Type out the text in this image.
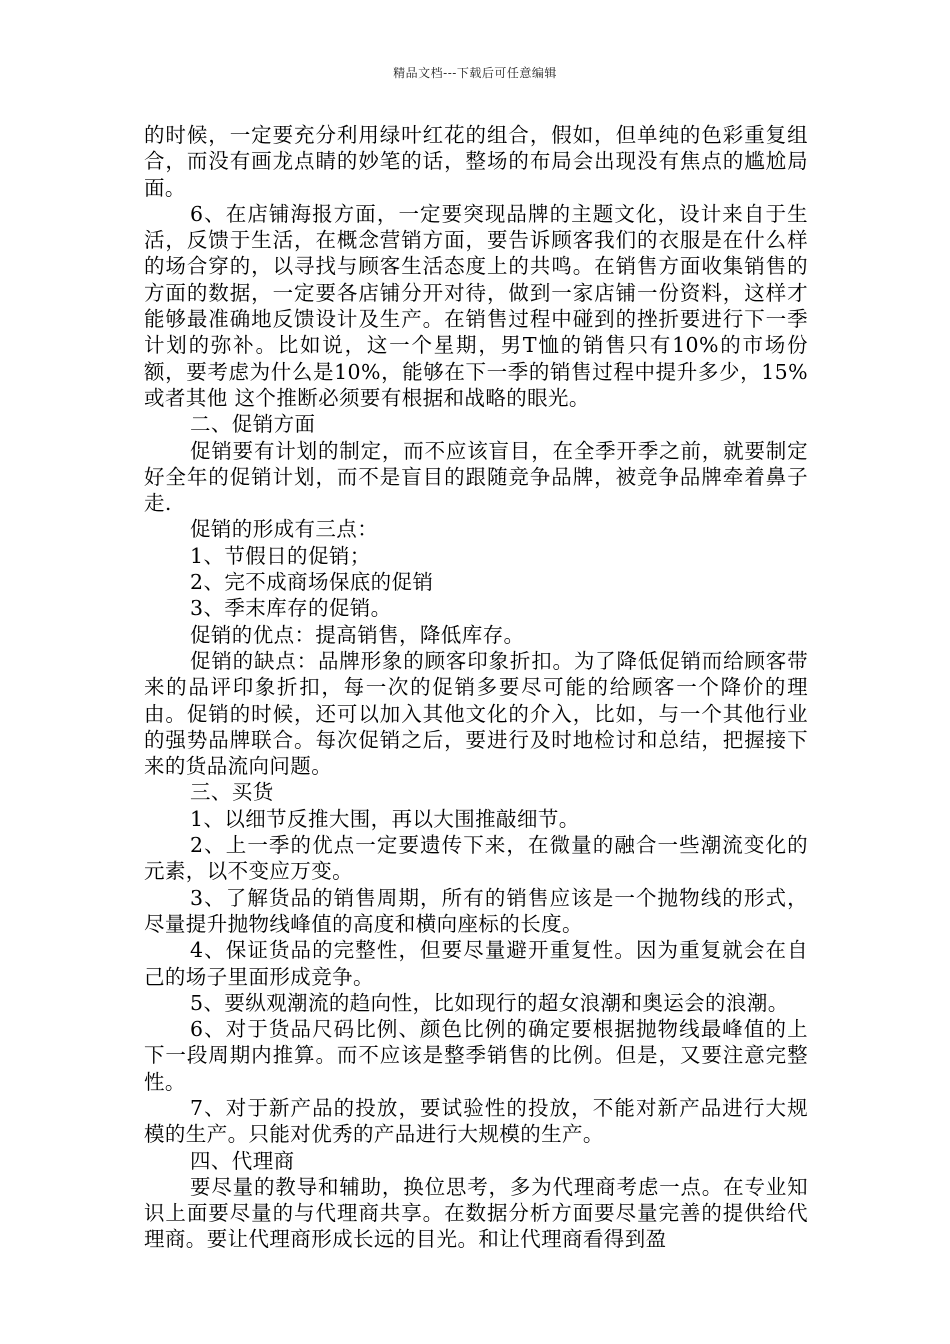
精品文档---下载后可任意编辑

的时候，一定要充分利用绿叶红花的组合，假如，但单纯的色彩重复组合，而没有画龙点睛的妙笔的话，整场的布局会出现没有焦点的尴尬局面。

6、在店铺海报方面，一定要突现品牌的主题文化，设计来自于生活，反馈于生活，在概念营销方面，要告诉顾客我们的衣服是在什么样的场合穿的，以寻找与顾客生活态度上的共鸣。在销售方面收集销售的方面的数据，一定要各店铺分开对待，做到一家店铺一份资料，这样才能够最准确地反馈设计及生产。在销售过程中碰到的挫折要进行下一季计划的弥补。比如说，这一个星期，男T恤的销售只有10%的市场份额，要考虑为什么是10%，能够在下一季的销售过程中提升多少，15%或者其他 这个推断必须要有根据和战略的眼光。

二、促销方面

促销要有计划的制定，而不应该盲目，在全季开季之前，就要制定好全年的促销计划，而不是盲目的跟随竞争品牌，被竞争品牌牵着鼻子走.

促销的形成有三点：

1、节假日的促销；

2、完不成商场保底的促销

3、季末库存的促销。

促销的优点：提高销售，降低库存。

促销的缺点：品牌形象的顾客印象折扣。为了降低促销而给顾客带来的品评印象折扣，每一次的促销多要尽可能的给顾客一个降价的理由。促销的时候，还可以加入其他文化的介入，比如，与一个其他行业的强势品牌联合。每次促销之后，要进行及时地检讨和总结，把握接下来的货品流向问题。

三、买货

1、以细节反推大围，再以大围推敲细节。

2、上一季的优点一定要遗传下来，在微量的融合一些潮流变化的元素，以不变应万变。

3、了解货品的销售周期，所有的销售应该是一个抛物线的形式，尽量提升抛物线峰值的高度和横向座标的长度。

4、保证货品的完整性，但要尽量避开重复性。因为重复就会在自己的场子里面形成竞争。

5、要纵观潮流的趋向性，比如现行的超女浪潮和奥运会的浪潮。

6、对于货品尺码比例、颜色比例的确定要根据抛物线最峰值的上下一段周期内推算。而不应该是整季销售的比例。但是，又要注意完整性。

7、对于新产品的投放，要试验性的投放，不能对新产品进行大规模的生产。只能对优秀的产品进行大规模的生产。

四、代理商

要尽量的教导和辅助，换位思考，多为代理商考虑一点。在专业知识上面要尽量的与代理商共享。在数据分析方面要尽量完善的提供给代理商。要让代理商形成长远的目光。和让代理商看得到盈
